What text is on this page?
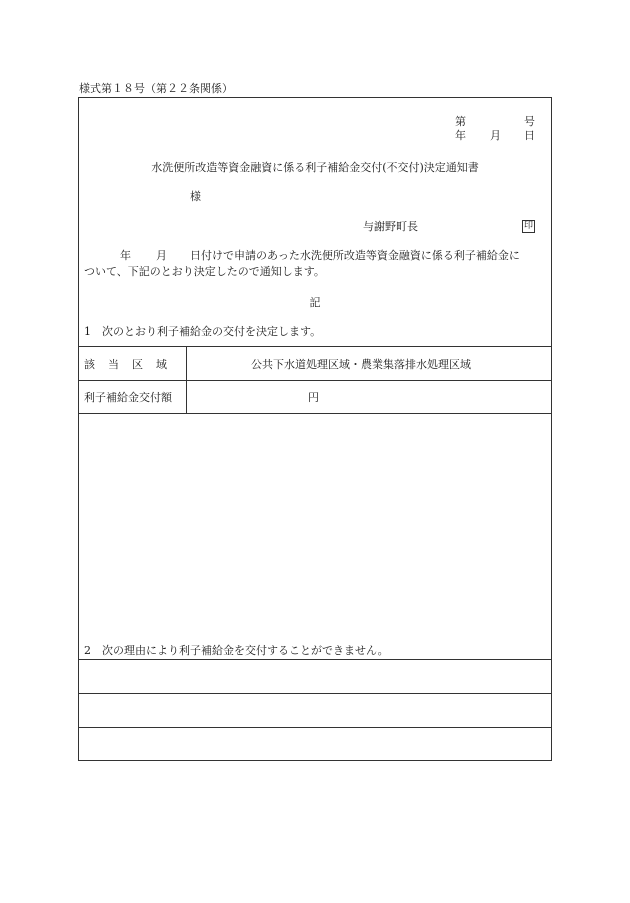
様式第１８号（第２２条関係）
第	号
年 月 日
水洗便所改造等資金融資に係る利子補給金交付(不交付)決定通知書
様
与謝野町長	印
年 月 日付けで申請のあった水洗便所改造等資金融資に係る利子補給金に
ついて、下記のとおり決定したので通知します。
記
1　次のとおり利子補給金の交付を決定します。
該 当 区 域	公共下水道処理区域・農業集落排水処理区域
利子補給金交付額	円
2　次の理由により利子補給金を交付することができません。
